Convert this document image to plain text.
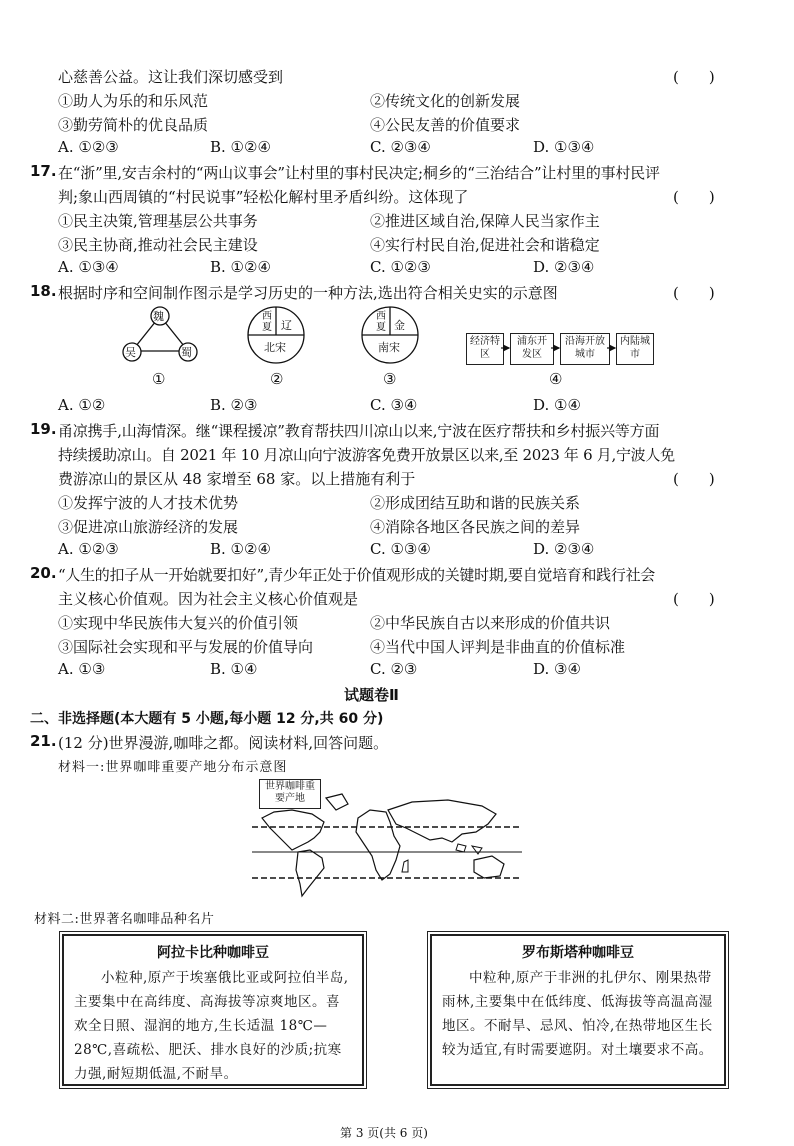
心慈善公益。这让我们深切感受到	(　　)
①助人为乐的和乐风范	②传统文化的创新发展
③勤劳简朴的优良品质	④公民友善的价值要求
A. ①②③	B. ①②④	C. ②③④	D. ①③④
17. 在“浙”里,安吉余村的“两山议事会”让村里的事村民决定;桐乡的“三治结合”让村里的事村民评
判;象山西周镇的“村民说事”轻松化解村里矛盾纠纷。这体现了	(　　)
①民主决策,管理基层公共事务	②推进区域自治,保障人民当家作主
③民主协商,推动社会民主建设	④实行村民自治,促进社会和谐稳定
A. ①③④	B. ①②④	C. ①②③	D. ②③④
18. 根据时序和空间制作图示是学习历史的一种方法,选出符合相关史实的示意图	(　　)
魏
吴	蜀
①
西夏 辽
北宋
②
西夏 金
南宋
③
经济特区
浦东开发区
沿海开放城市
内陆城市
④
A. ①②	B. ②③	C. ③④	D. ①④
19. 甬凉携手,山海情深。继“课程援凉”教育帮扶四川凉山以来,宁波在医疗帮扶和乡村振兴等方面
持续援助凉山。自 2021 年 10 月凉山向宁波游客免费开放景区以来,至 2023 年 6 月,宁波人免
费游凉山的景区从 48 家增至 68 家。以上措施有利于	(　　)
①发挥宁波的人才技术优势	②形成团结互助和谐的民族关系
③促进凉山旅游经济的发展	④消除各地区各民族之间的差异
A. ①②③	B. ①②④	C. ①③④	D. ②③④
20. “人生的扣子从一开始就要扣好”,青少年正处于价值观形成的关键时期,要自觉培育和践行社会
主义核心价值观。因为社会主义核心价值观是	(　　)
①实现中华民族伟大复兴的价值引领	②中华民族自古以来形成的价值共识
③国际社会实现和平与发展的价值导向	④当代中国人评判是非曲直的价值标准
A. ①③	B. ①④	C. ②③	D. ③④
试题卷Ⅱ
二、非选择题(本大题有 5 小题,每小题 12 分,共 60 分)
21. (12 分)世界漫游,咖啡之都。阅读材料,回答问题。
材料一:世界咖啡重要产地分布示意图
世界咖啡重要产地
材料二:世界著名咖啡品种名片
阿拉卡比种咖啡豆
小粒种,原产于埃塞俄比亚或阿拉伯半岛,主要集中在高纬度、高海拔等凉爽地区。喜欢全日照、湿润的地方,生长适温 18℃—28℃,喜疏松、肥沃、排水良好的沙质;抗寒力强,耐短期低温,不耐旱。
罗布斯塔种咖啡豆
中粒种,原产于非洲的扎伊尔、刚果热带雨林,主要集中在低纬度、低海拔等高温高湿地区。不耐旱、忌风、怕冷,在热带地区生长较为适宜,有时需要遮阴。对土壤要求不高。
第 3 页(共 6 页)
